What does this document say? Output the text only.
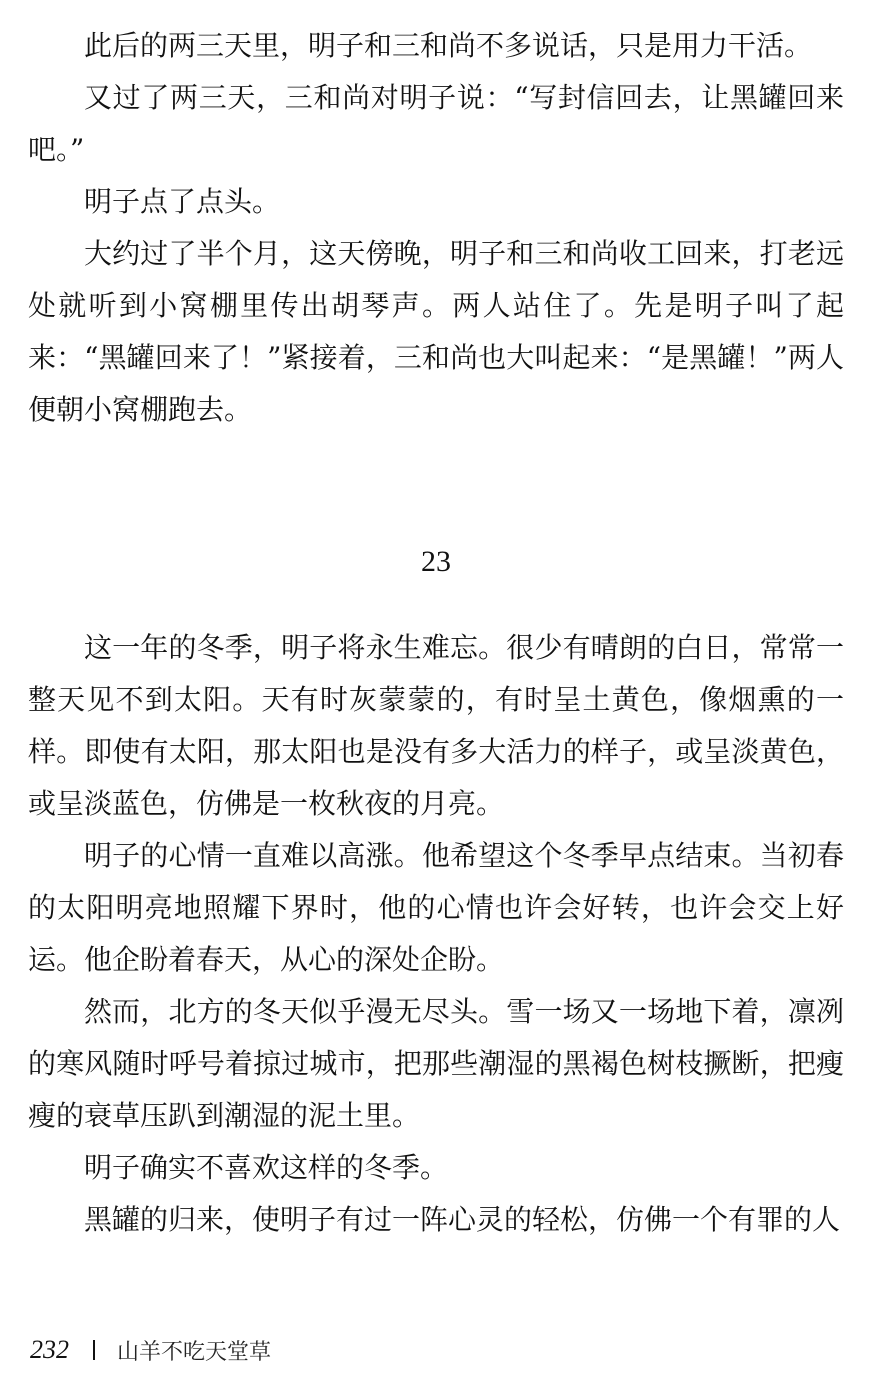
此后的两三天里，明子和三和尚不多说话，只是用力干活。

又过了两三天，三和尚对明子说：“写封信回去，让黑罐回来吧。”

明子点了点头。

大约过了半个月，这天傍晚，明子和三和尚收工回来，打老远处就听到小窝棚里传出胡琴声。两人站住了。先是明子叫了起来：“黑罐回来了！”紧接着，三和尚也大叫起来：“是黑罐！”两人便朝小窝棚跑去。

23

这一年的冬季，明子将永生难忘。很少有晴朗的白日，常常一整天见不到太阳。天有时灰蒙蒙的，有时呈土黄色，像烟熏的一样。即使有太阳，那太阳也是没有多大活力的样子，或呈淡黄色，或呈淡蓝色，仿佛是一枚秋夜的月亮。

明子的心情一直难以高涨。他希望这个冬季早点结束。当初春的太阳明亮地照耀下界时，他的心情也许会好转，也许会交上好运。他企盼着春天，从心的深处企盼。

然而，北方的冬天似乎漫无尽头。雪一场又一场地下着，凛冽的寒风随时呼号着掠过城市，把那些潮湿的黑褐色树枝撅断，把瘦瘦的衰草压趴到潮湿的泥土里。

明子确实不喜欢这样的冬季。

黑罐的归来，使明子有过一阵心灵的轻松，仿佛一个有罪的人

232 山羊不吃天堂草
